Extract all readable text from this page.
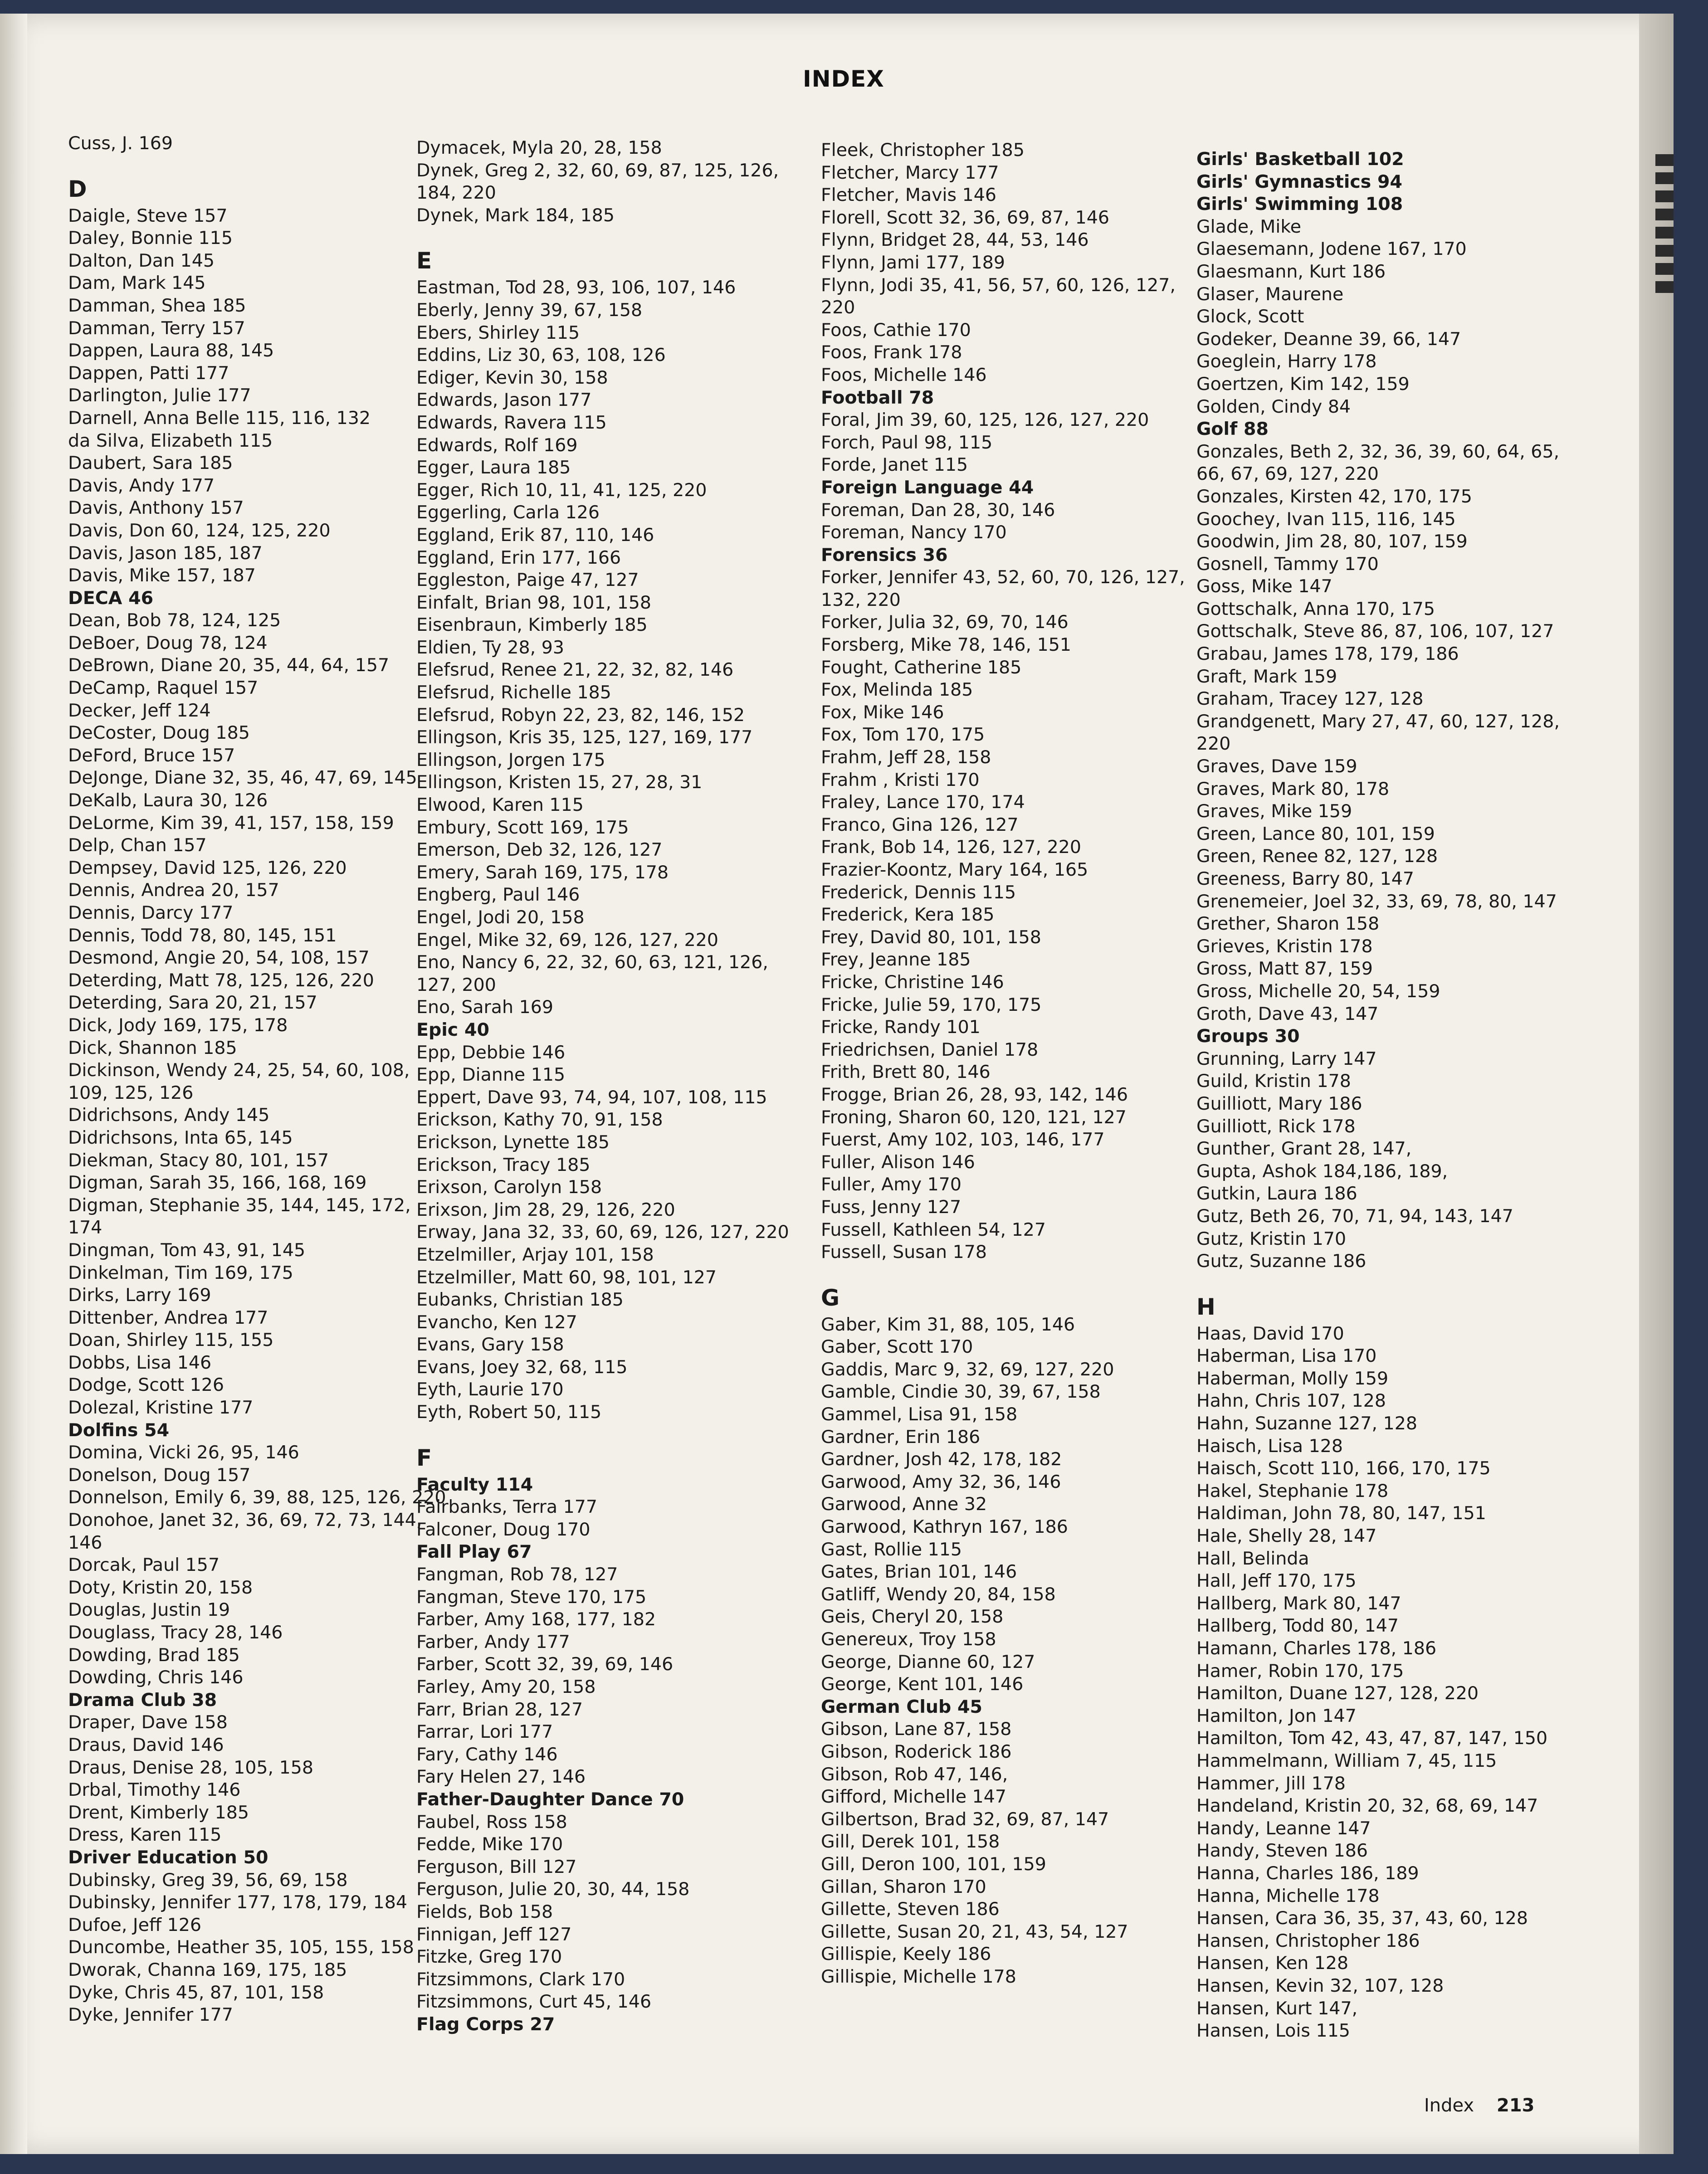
INDEX
Cuss, J. 169
D
Daigle, Steve 157
Daley, Bonnie 115
Dalton, Dan 145
Dam, Mark 145
Damman, Shea 185
Damman, Terry 157
Dappen, Laura 88, 145
Dappen, Patti 177
Darlington, Julie 177
Darnell, Anna Belle 115, 116, 132
da Silva, Elizabeth 115
Daubert, Sara 185
Davis, Andy 177
Davis, Anthony 157
Davis, Don 60, 124, 125, 220
Davis, Jason 185, 187
Davis, Mike 157, 187
DECA 46
Dean, Bob 78, 124, 125
DeBoer, Doug 78, 124
DeBrown, Diane 20, 35, 44, 64, 157
DeCamp, Raquel 157
Decker, Jeff 124
DeCoster, Doug 185
DeFord, Bruce 157
DeJonge, Diane 32, 35, 46, 47, 69, 145
DeKalb, Laura 30, 126
DeLorme, Kim 39, 41, 157, 158, 159
Delp, Chan 157
Dempsey, David 125, 126, 220
Dennis, Andrea 20, 157
Dennis, Darcy 177
Dennis, Todd 78, 80, 145, 151
Desmond, Angie 20, 54, 108, 157
Deterding, Matt 78, 125, 126, 220
Deterding, Sara 20, 21, 157
Dick, Jody 169, 175, 178
Dick, Shannon 185
Dickinson, Wendy 24, 25, 54, 60, 108,
109, 125, 126
Didrichsons, Andy 145
Didrichsons, Inta 65, 145
Diekman, Stacy 80, 101, 157
Digman, Sarah 35, 166, 168, 169
Digman, Stephanie 35, 144, 145, 172,
174
Dingman, Tom 43, 91, 145
Dinkelman, Tim 169, 175
Dirks, Larry 169
Dittenber, Andrea 177
Doan, Shirley 115, 155
Dobbs, Lisa 146
Dodge, Scott 126
Dolezal, Kristine 177
Dolfins 54
Domina, Vicki 26, 95, 146
Donelson, Doug 157
Donnelson, Emily 6, 39, 88, 125, 126, 220
Donohoe, Janet 32, 36, 69, 72, 73, 144,
146
Dorcak, Paul 157
Doty, Kristin 20, 158
Douglas, Justin 19
Douglass, Tracy 28, 146
Dowding, Brad 185
Dowding, Chris 146
Drama Club 38
Draper, Dave 158
Draus, David 146
Draus, Denise 28, 105, 158
Drbal, Timothy 146
Drent, Kimberly 185
Dress, Karen 115
Driver Education 50
Dubinsky, Greg 39, 56, 69, 158
Dubinsky, Jennifer 177, 178, 179, 184
Dufoe, Jeff 126
Duncombe, Heather 35, 105, 155, 158
Dworak, Channa 169, 175, 185
Dyke, Chris 45, 87, 101, 158
Dyke, Jennifer 177
Dymacek, Myla 20, 28, 158
Dynek, Greg 2, 32, 60, 69, 87, 125, 126,
184, 220
Dynek, Mark 184, 185
E
Eastman, Tod 28, 93, 106, 107, 146
Eberly, Jenny 39, 67, 158
Ebers, Shirley 115
Eddins, Liz 30, 63, 108, 126
Ediger, Kevin 30, 158
Edwards, Jason 177
Edwards, Ravera 115
Edwards, Rolf 169
Egger, Laura 185
Egger, Rich 10, 11, 41, 125, 220
Eggerling, Carla 126
Eggland, Erik 87, 110, 146
Eggland, Erin 177, 166
Eggleston, Paige 47, 127
Einfalt, Brian 98, 101, 158
Eisenbraun, Kimberly 185
Eldien, Ty 28, 93
Elefsrud, Renee 21, 22, 32, 82, 146
Elefsrud, Richelle 185
Elefsrud, Robyn 22, 23, 82, 146, 152
Ellingson, Kris 35, 125, 127, 169, 177
Ellingson, Jorgen 175
Ellingson, Kristen 15, 27, 28, 31
Elwood, Karen 115
Embury, Scott 169, 175
Emerson, Deb 32, 126, 127
Emery, Sarah 169, 175, 178
Engberg, Paul 146
Engel, Jodi 20, 158
Engel, Mike 32, 69, 126, 127, 220
Eno, Nancy 6, 22, 32, 60, 63, 121, 126,
127, 200
Eno, Sarah 169
Epic 40
Epp, Debbie 146
Epp, Dianne 115
Eppert, Dave 93, 74, 94, 107, 108, 115
Erickson, Kathy 70, 91, 158
Erickson, Lynette 185
Erickson, Tracy 185
Erixson, Carolyn 158
Erixson, Jim 28, 29, 126, 220
Erway, Jana 32, 33, 60, 69, 126, 127, 220
Etzelmiller, Arjay 101, 158
Etzelmiller, Matt 60, 98, 101, 127
Eubanks, Christian 185
Evancho, Ken 127
Evans, Gary 158
Evans, Joey 32, 68, 115
Eyth, Laurie 170
Eyth, Robert 50, 115
F
Faculty 114
Fairbanks, Terra 177
Falconer, Doug 170
Fall Play 67
Fangman, Rob 78, 127
Fangman, Steve 170, 175
Farber, Amy 168, 177, 182
Farber, Andy 177
Farber, Scott 32, 39, 69, 146
Farley, Amy 20, 158
Farr, Brian 28, 127
Farrar, Lori 177
Fary, Cathy 146
Fary Helen 27, 146
Father-Daughter Dance 70
Faubel, Ross 158
Fedde, Mike 170
Ferguson, Bill 127
Ferguson, Julie 20, 30, 44, 158
Fields, Bob 158
Finnigan, Jeff 127
Fitzke, Greg 170
Fitzsimmons, Clark 170
Fitzsimmons, Curt 45, 146
Flag Corps 27
Fleek, Christopher 185
Fletcher, Marcy 177
Fletcher, Mavis 146
Florell, Scott 32, 36, 69, 87, 146
Flynn, Bridget 28, 44, 53, 146
Flynn, Jami 177, 189
Flynn, Jodi 35, 41, 56, 57, 60, 126, 127,
220
Foos, Cathie 170
Foos, Frank 178
Foos, Michelle 146
Football 78
Foral, Jim 39, 60, 125, 126, 127, 220
Forch, Paul 98, 115
Forde, Janet 115
Foreign Language 44
Foreman, Dan 28, 30, 146
Foreman, Nancy 170
Forensics 36
Forker, Jennifer 43, 52, 60, 70, 126, 127,
132, 220
Forker, Julia 32, 69, 70, 146
Forsberg, Mike 78, 146, 151
Fought, Catherine 185
Fox, Melinda 185
Fox, Mike 146
Fox, Tom 170, 175
Frahm, Jeff 28, 158
Frahm , Kristi 170
Fraley, Lance 170, 174
Franco, Gina 126, 127
Frank, Bob 14, 126, 127, 220
Frazier-Koontz, Mary 164, 165
Frederick, Dennis 115
Frederick, Kera 185
Frey, David 80, 101, 158
Frey, Jeanne 185
Fricke, Christine 146
Fricke, Julie 59, 170, 175
Fricke, Randy 101
Friedrichsen, Daniel 178
Frith, Brett 80, 146
Frogge, Brian 26, 28, 93, 142, 146
Froning, Sharon 60, 120, 121, 127
Fuerst, Amy 102, 103, 146, 177
Fuller, Alison 146
Fuller, Amy 170
Fuss, Jenny 127
Fussell, Kathleen 54, 127
Fussell, Susan 178
G
Gaber, Kim 31, 88, 105, 146
Gaber, Scott 170
Gaddis, Marc 9, 32, 69, 127, 220
Gamble, Cindie 30, 39, 67, 158
Gammel, Lisa 91, 158
Gardner, Erin 186
Gardner, Josh 42, 178, 182
Garwood, Amy 32, 36, 146
Garwood, Anne 32
Garwood, Kathryn 167, 186
Gast, Rollie 115
Gates, Brian 101, 146
Gatliff, Wendy 20, 84, 158
Geis, Cheryl 20, 158
Genereux, Troy 158
George, Dianne 60, 127
George, Kent 101, 146
German Club 45
Gibson, Lane 87, 158
Gibson, Roderick 186
Gibson, Rob 47, 146,
Gifford, Michelle 147
Gilbertson, Brad 32, 69, 87, 147
Gill, Derek 101, 158
Gill, Deron 100, 101, 159
Gillan, Sharon 170
Gillette, Steven 186
Gillette, Susan 20, 21, 43, 54, 127
Gillispie, Keely 186
Gillispie, Michelle 178
Girls' Basketball 102
Girls' Gymnastics 94
Girls' Swimming 108
Glade, Mike
Glaesemann, Jodene 167, 170
Glaesmann, Kurt 186
Glaser, Maurene
Glock, Scott
Godeker, Deanne 39, 66, 147
Goeglein, Harry 178
Goertzen, Kim 142, 159
Golden, Cindy 84
Golf 88
Gonzales, Beth 2, 32, 36, 39, 60, 64, 65,
66, 67, 69, 127, 220
Gonzales, Kirsten 42, 170, 175
Goochey, Ivan 115, 116, 145
Goodwin, Jim 28, 80, 107, 159
Gosnell, Tammy 170
Goss, Mike 147
Gottschalk, Anna 170, 175
Gottschalk, Steve 86, 87, 106, 107, 127
Grabau, James 178, 179, 186
Graft, Mark 159
Graham, Tracey 127, 128
Grandgenett, Mary 27, 47, 60, 127, 128,
220
Graves, Dave 159
Graves, Mark 80, 178
Graves, Mike 159
Green, Lance 80, 101, 159
Green, Renee 82, 127, 128
Greeness, Barry 80, 147
Grenemeier, Joel 32, 33, 69, 78, 80, 147
Grether, Sharon 158
Grieves, Kristin 178
Gross, Matt 87, 159
Gross, Michelle 20, 54, 159
Groth, Dave 43, 147
Groups 30
Grunning, Larry 147
Guild, Kristin 178
Guilliott, Mary 186
Guilliott, Rick 178
Gunther, Grant 28, 147,
Gupta, Ashok 184,186, 189,
Gutkin, Laura 186
Gutz, Beth 26, 70, 71, 94, 143, 147
Gutz, Kristin 170
Gutz, Suzanne 186
H
Haas, David 170
Haberman, Lisa 170
Haberman, Molly 159
Hahn, Chris 107, 128
Hahn, Suzanne 127, 128
Haisch, Lisa 128
Haisch, Scott 110, 166, 170, 175
Hakel, Stephanie 178
Haldiman, John 78, 80, 147, 151
Hale, Shelly 28, 147
Hall, Belinda
Hall, Jeff 170, 175
Hallberg, Mark 80, 147
Hallberg, Todd 80, 147
Hamann, Charles 178, 186
Hamer, Robin 170, 175
Hamilton, Duane 127, 128, 220
Hamilton, Jon 147
Hamilton, Tom 42, 43, 47, 87, 147, 150
Hammelmann, William 7, 45, 115
Hammer, Jill 178
Handeland, Kristin 20, 32, 68, 69, 147
Handy, Leanne 147
Handy, Steven 186
Hanna, Charles 186, 189
Hanna, Michelle 178
Hansen, Cara 36, 35, 37, 43, 60, 128
Hansen, Christopher 186
Hansen, Ken 128
Hansen, Kevin 32, 107, 128
Hansen, Kurt 147,
Hansen, Lois 115
Index 213
